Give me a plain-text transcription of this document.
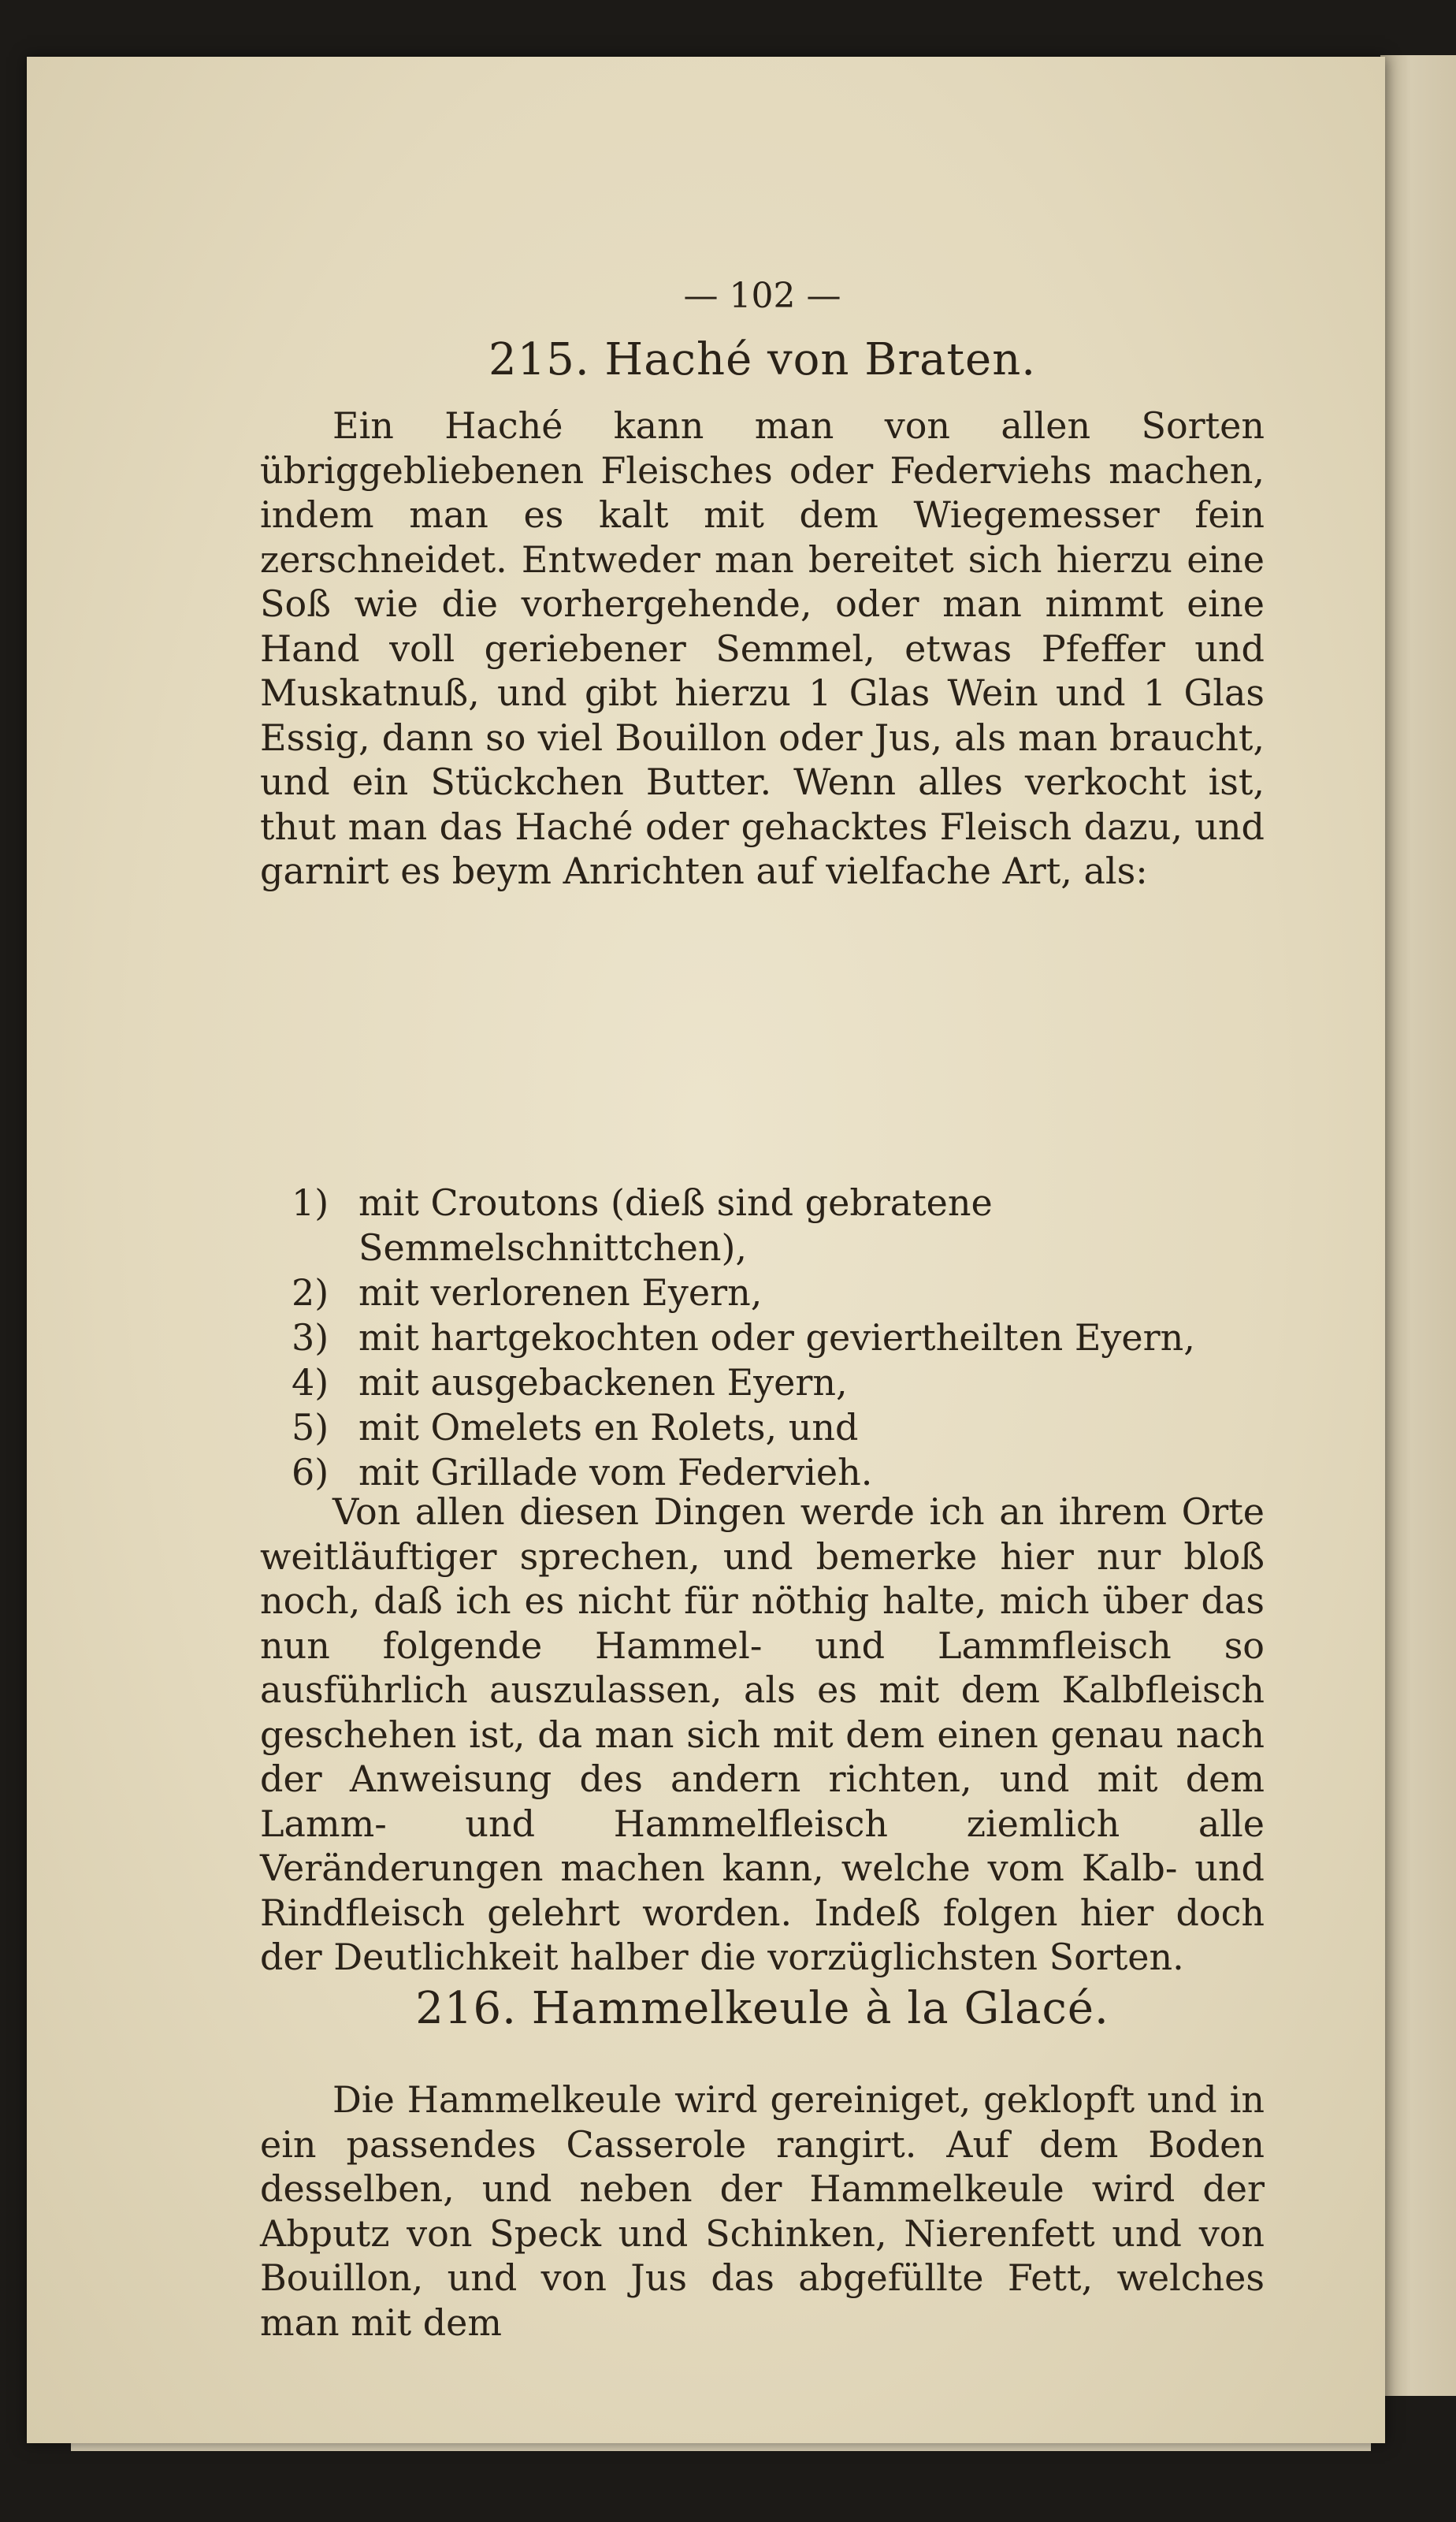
— 102 —
215. Haché von Braten.

Ein Haché kann man von allen Sorten übriggebliebenen Fleisches oder Federviehs machen, indem man es kalt mit dem Wiegemesser fein zerschneidet. Entweder man bereitet sich hierzu eine Soß wie die vorhergehende, oder man nimmt eine Hand voll geriebener Semmel, etwas Pfeffer und Muskatnuß, und gibt hierzu 1 Glas Wein und 1 Glas Essig, dann so viel Bouillon oder Jus, als man braucht, und ein Stückchen Butter. Wenn alles verkocht ist, thut man das Haché oder gehacktes Fleisch dazu, und garnirt es beym Anrichten auf vielfache Art, als:

1) mit Croutons (dieß sind gebratene Semmelschnittchen),
2) mit verlorenen Eyern,
3) mit hartgekochten oder geviertheilten Eyern,
4) mit ausgebackenen Eyern,
5) mit Omelets en Rolets, und
6) mit Grillade vom Federvieh.

Von allen diesen Dingen werde ich an ihrem Orte weitläuftiger sprechen, und bemerke hier nur bloß noch, daß ich es nicht für nöthig halte, mich über das nun folgende Hammel- und Lammfleisch so ausführlich auszulassen, als es mit dem Kalbfleisch geschehen ist, da man sich mit dem einen genau nach der Anweisung des andern richten, und mit dem Lamm- und Hammelfleisch ziemlich alle Veränderungen machen kann, welche vom Kalb- und Rindfleisch gelehrt worden. Indeß folgen hier doch der Deutlichkeit halber die vorzüglichsten Sorten.

216. Hammelkeule à la Glacé.

Die Hammelkeule wird gereiniget, geklopft und in ein passendes Casserole rangirt. Auf dem Boden desselben, und neben der Hammelkeule wird der Abputz von Speck und Schinken, Nierenfett und von Bouillon, und von Jus das abgefüllte Fett, welches man mit dem
